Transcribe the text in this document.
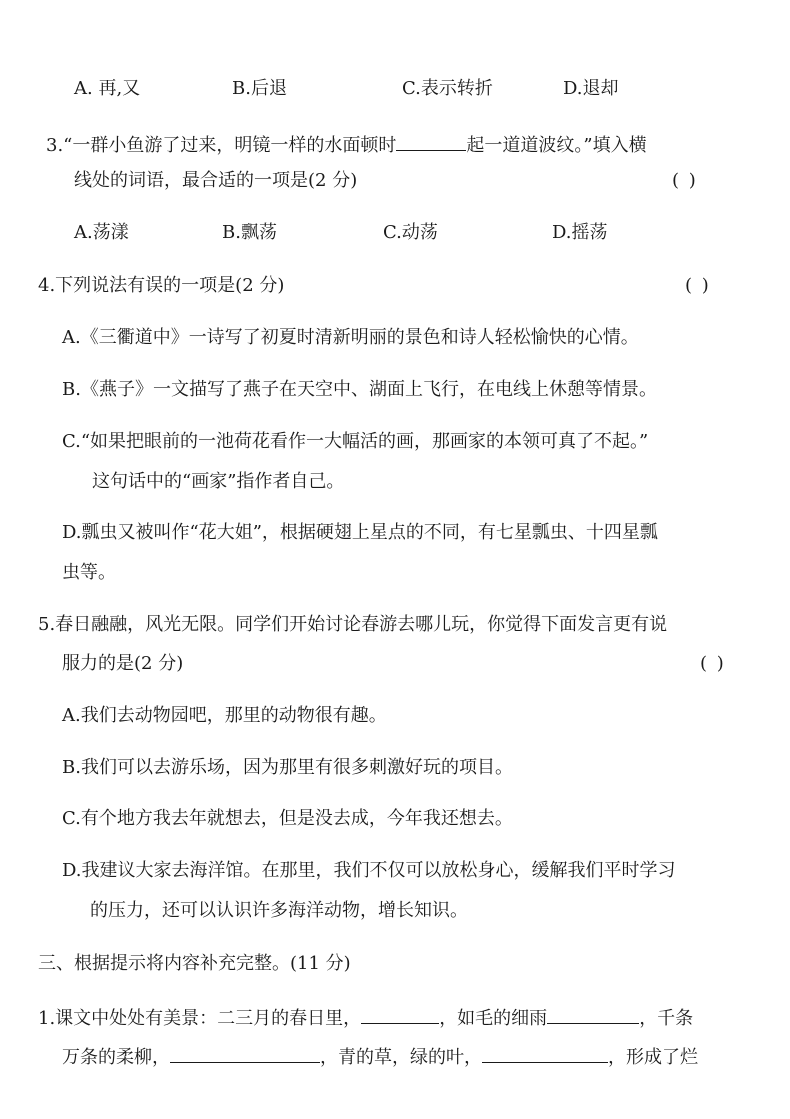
A. 再,又	B.后退	C.表示转折	D.退却
3.“一群小鱼游了过来，明镜一样的水面顿时	起一道道波纹。”填入横
线处的词语，最合适的一项是(2 分)	( )
A.荡漾	B.飘荡	C.动荡	D.摇荡
4.下列说法有误的一项是(2 分)	( )
A.《三衢道中》一诗写了初夏时清新明丽的景色和诗人轻松愉快的心情。
B.《燕子》一文描写了燕子在天空中、湖面上飞行，在电线上休憩等情景。
C.“如果把眼前的一池荷花看作一大幅活的画，那画家的本领可真了不起。”
这句话中的“画家”指作者自己。
D.瓢虫又被叫作“花大姐”，根据硬翅上星点的不同，有七星瓢虫、十四星瓢
虫等。
5.春日融融，风光无限。同学们开始讨论春游去哪儿玩，你觉得下面发言更有说
服力的是(2 分)	( )
A.我们去动物园吧，那里的动物很有趣。
B.我们可以去游乐场，因为那里有很多刺激好玩的项目。
C.有个地方我去年就想去，但是没去成，今年我还想去。
D.我建议大家去海洋馆。在那里，我们不仅可以放松身心，缓解我们平时学习
的压力，还可以认识许多海洋动物，增长知识。
三、根据提示将内容补充完整。(11 分)
1.课文中处处有美景：二三月的春日里，	，如毛的细雨	，千条
万条的柔柳，	，青的草，绿的叶，	，形成了烂
